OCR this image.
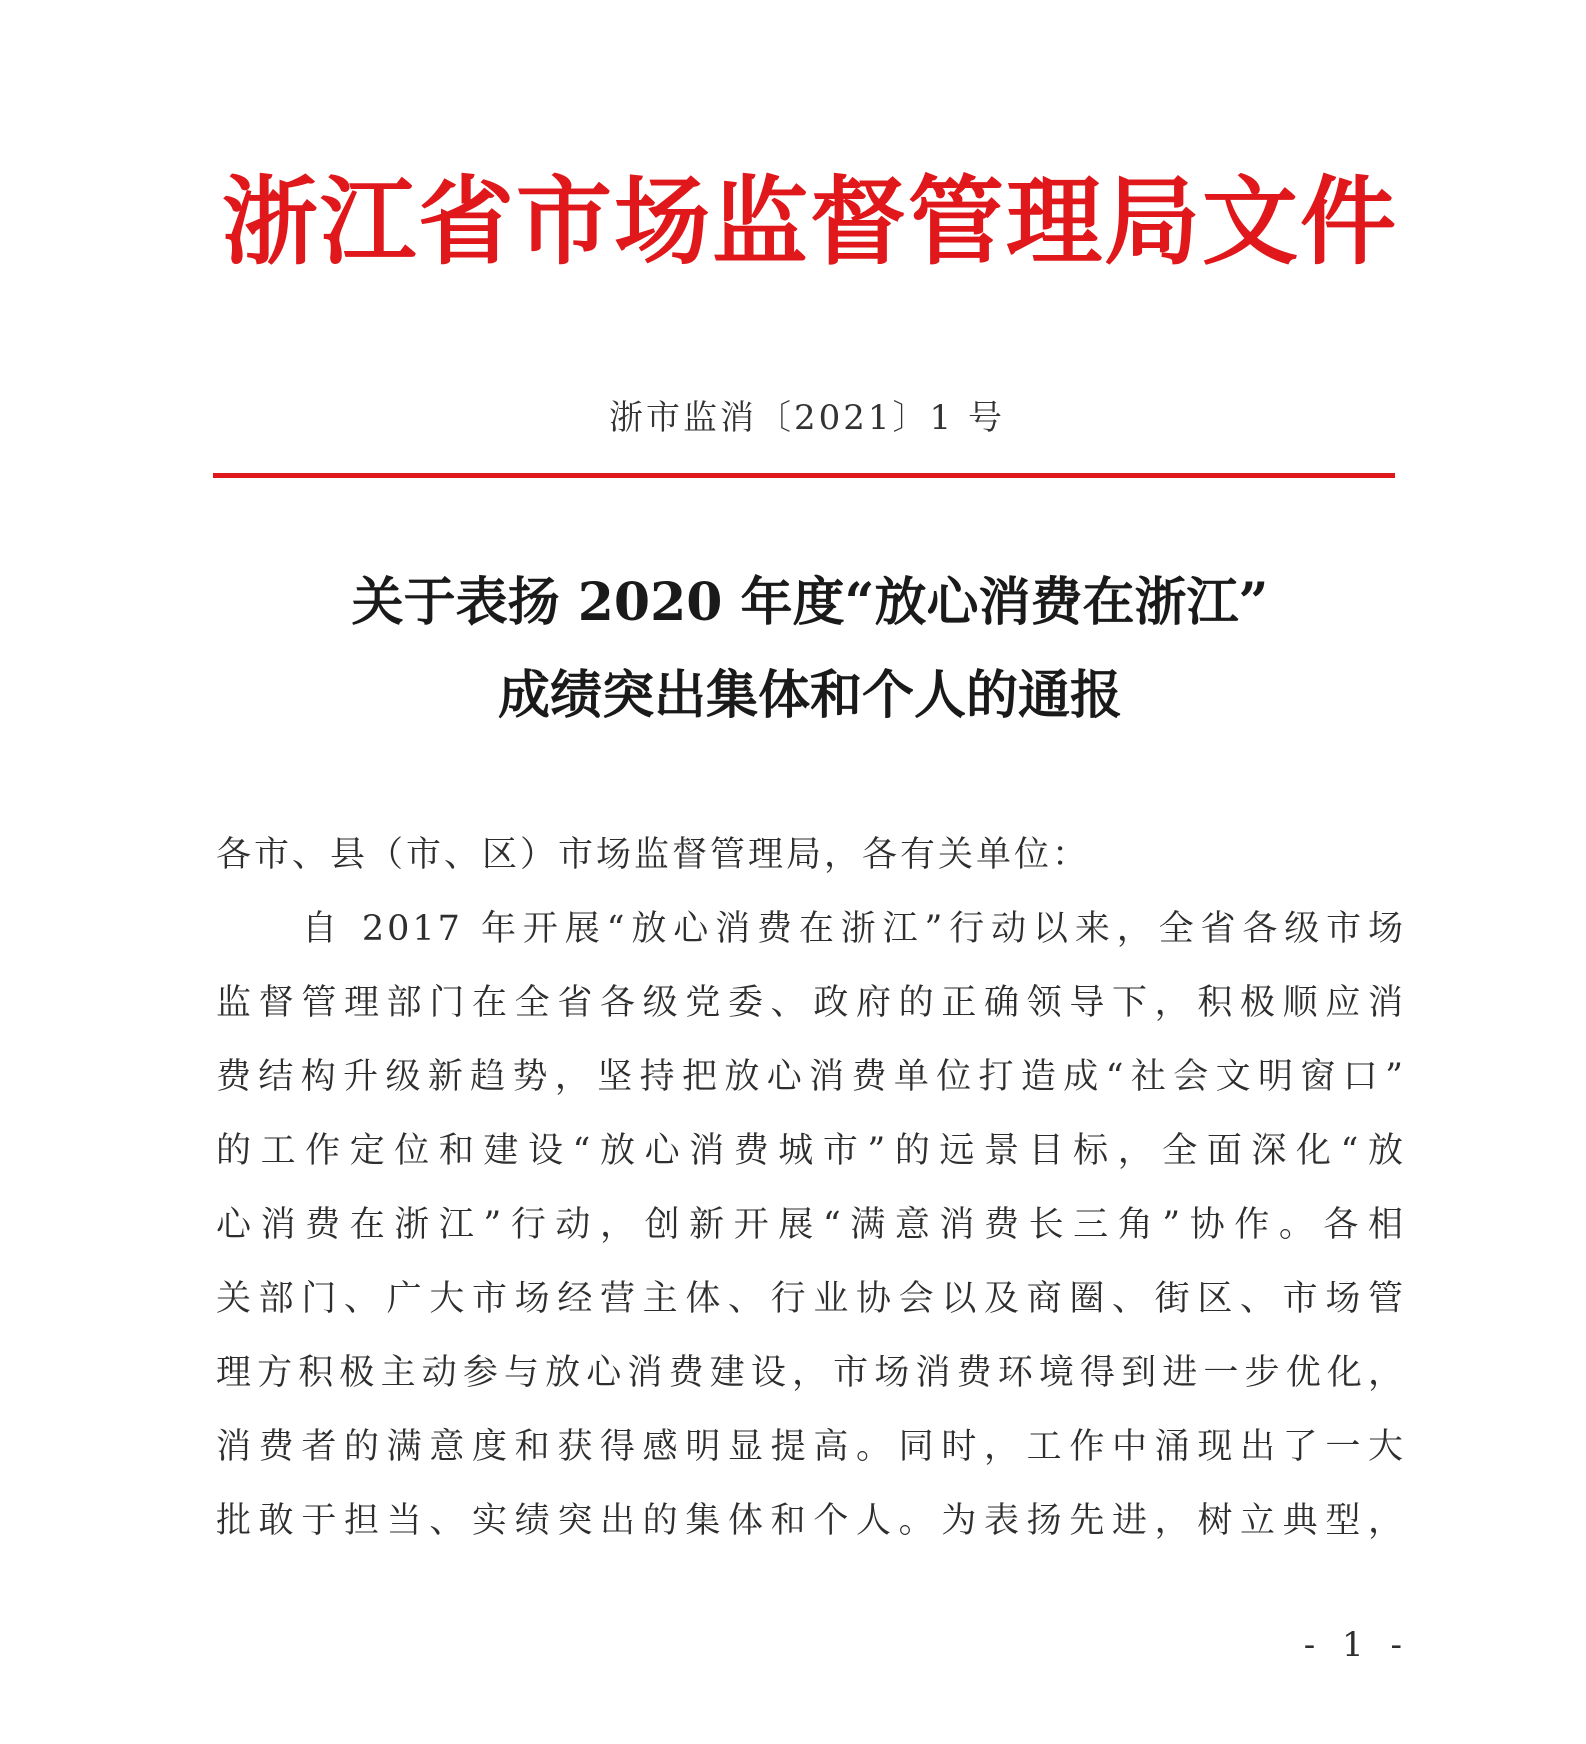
浙江省市场监督管理局文件
浙市监消〔2021〕1 号
关于表扬 2020 年度“放心消费在浙江”
成绩突出集体和个人的通报
各市、县（市、区）市场监督管理局，各有关单位：
自 2017 年开展“放心消费在浙江”行动以来，全省各级市场
监督管理部门在全省各级党委、政府的正确领导下，积极顺应消
费结构升级新趋势，坚持把放心消费单位打造成“社会文明窗口”
的工作定位和建设“放心消费城市”的远景目标，全面深化“放
心消费在浙江”行动，创新开展“满意消费长三角”协作。各相
关部门、广大市场经营主体、行业协会以及商圈、街区、市场管
理方积极主动参与放心消费建设，市场消费环境得到进一步优化，
消费者的满意度和获得感明显提高。同时，工作中涌现出了一大
批敢于担当、实绩突出的集体和个人。为表扬先进，树立典型，
- 1 -
